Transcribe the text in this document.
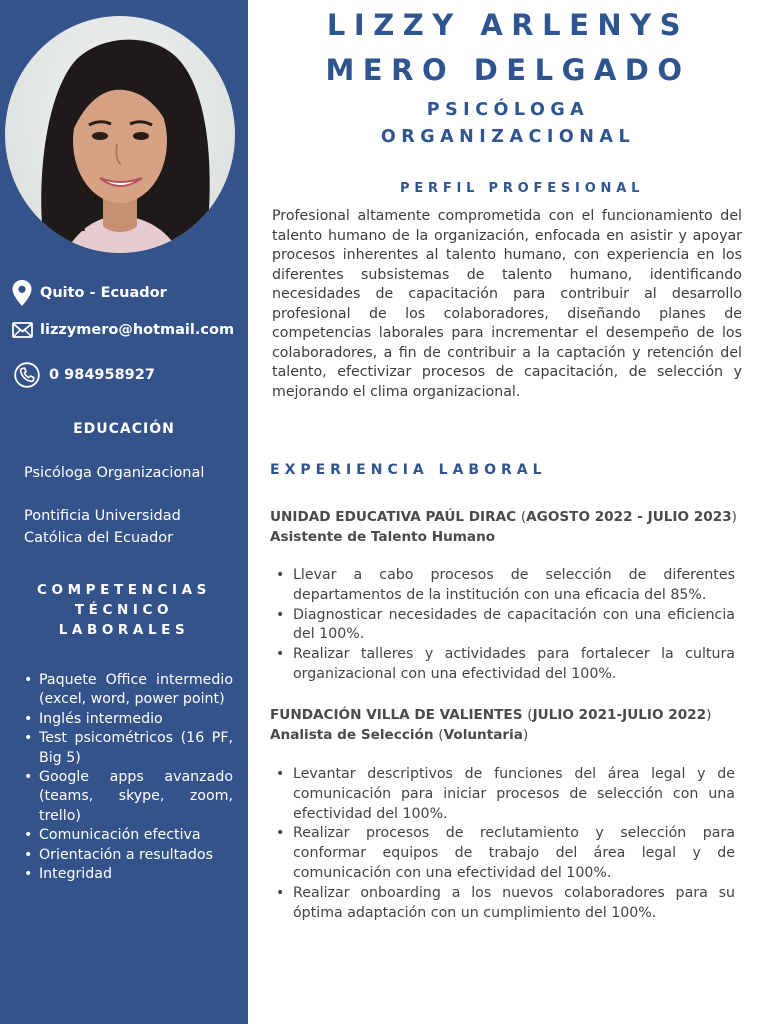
Quito - Ecuador
lizzymero@hotmail.com
0 984958927
EDUCACIÓN
Psicóloga Organizacional
Pontificia Universidad Católica del Ecuador
COMPETENCIAS
TÉCNICO
LABORALES
• Paquete Office intermedio (excel, word, power point)
• Inglés intermedio
• Test psicométricos (16 PF, Big 5)
• Google apps avanzado (teams, skype, zoom, trello)
• Comunicación efectiva
• Orientación a resultados
• Integridad
LIZZY ARLENYS
MERO DELGADO
PSICÓLOGA
ORGANIZACIONAL
PERFIL PROFESIONAL
Profesional altamente comprometida con el funcionamiento del talento humano de la organización, enfocada en asistir y apoyar procesos inherentes al talento humano, con experiencia en los diferentes subsistemas de talento humano, identificando necesidades de capacitación para contribuir al desarrollo profesional de los colaboradores, diseñando planes de competencias laborales para incrementar el desempeño de los colaboradores, a fin de contribuir a la captación y retención del talento, efectivizar procesos de capacitación, de selección y mejorando el clima organizacional.
EXPERIENCIA LABORAL
UNIDAD EDUCATIVA PAÚL DIRAC (AGOSTO 2022 - JULIO 2023)
Asistente de Talento Humano
• Llevar a cabo procesos de selección de diferentes departamentos de la institución con una eficacia del 85%.
• Diagnosticar necesidades de capacitación con una eficiencia del 100%.
• Realizar talleres y actividades para fortalecer la cultura organizacional con una efectividad del 100%.
FUNDACIÓN VILLA DE VALIENTES (JULIO 2021-JULIO 2022)
Analista de Selección (Voluntaria)
• Levantar descriptivos de funciones del área legal y de comunicación para iniciar procesos de selección con una efectividad del 100%.
• Realizar procesos de reclutamiento y selección para conformar equipos de trabajo del área legal y de comunicación con una efectividad del 100%.
• Realizar onboarding a los nuevos colaboradores para su óptima adaptación con un cumplimiento del 100%.
